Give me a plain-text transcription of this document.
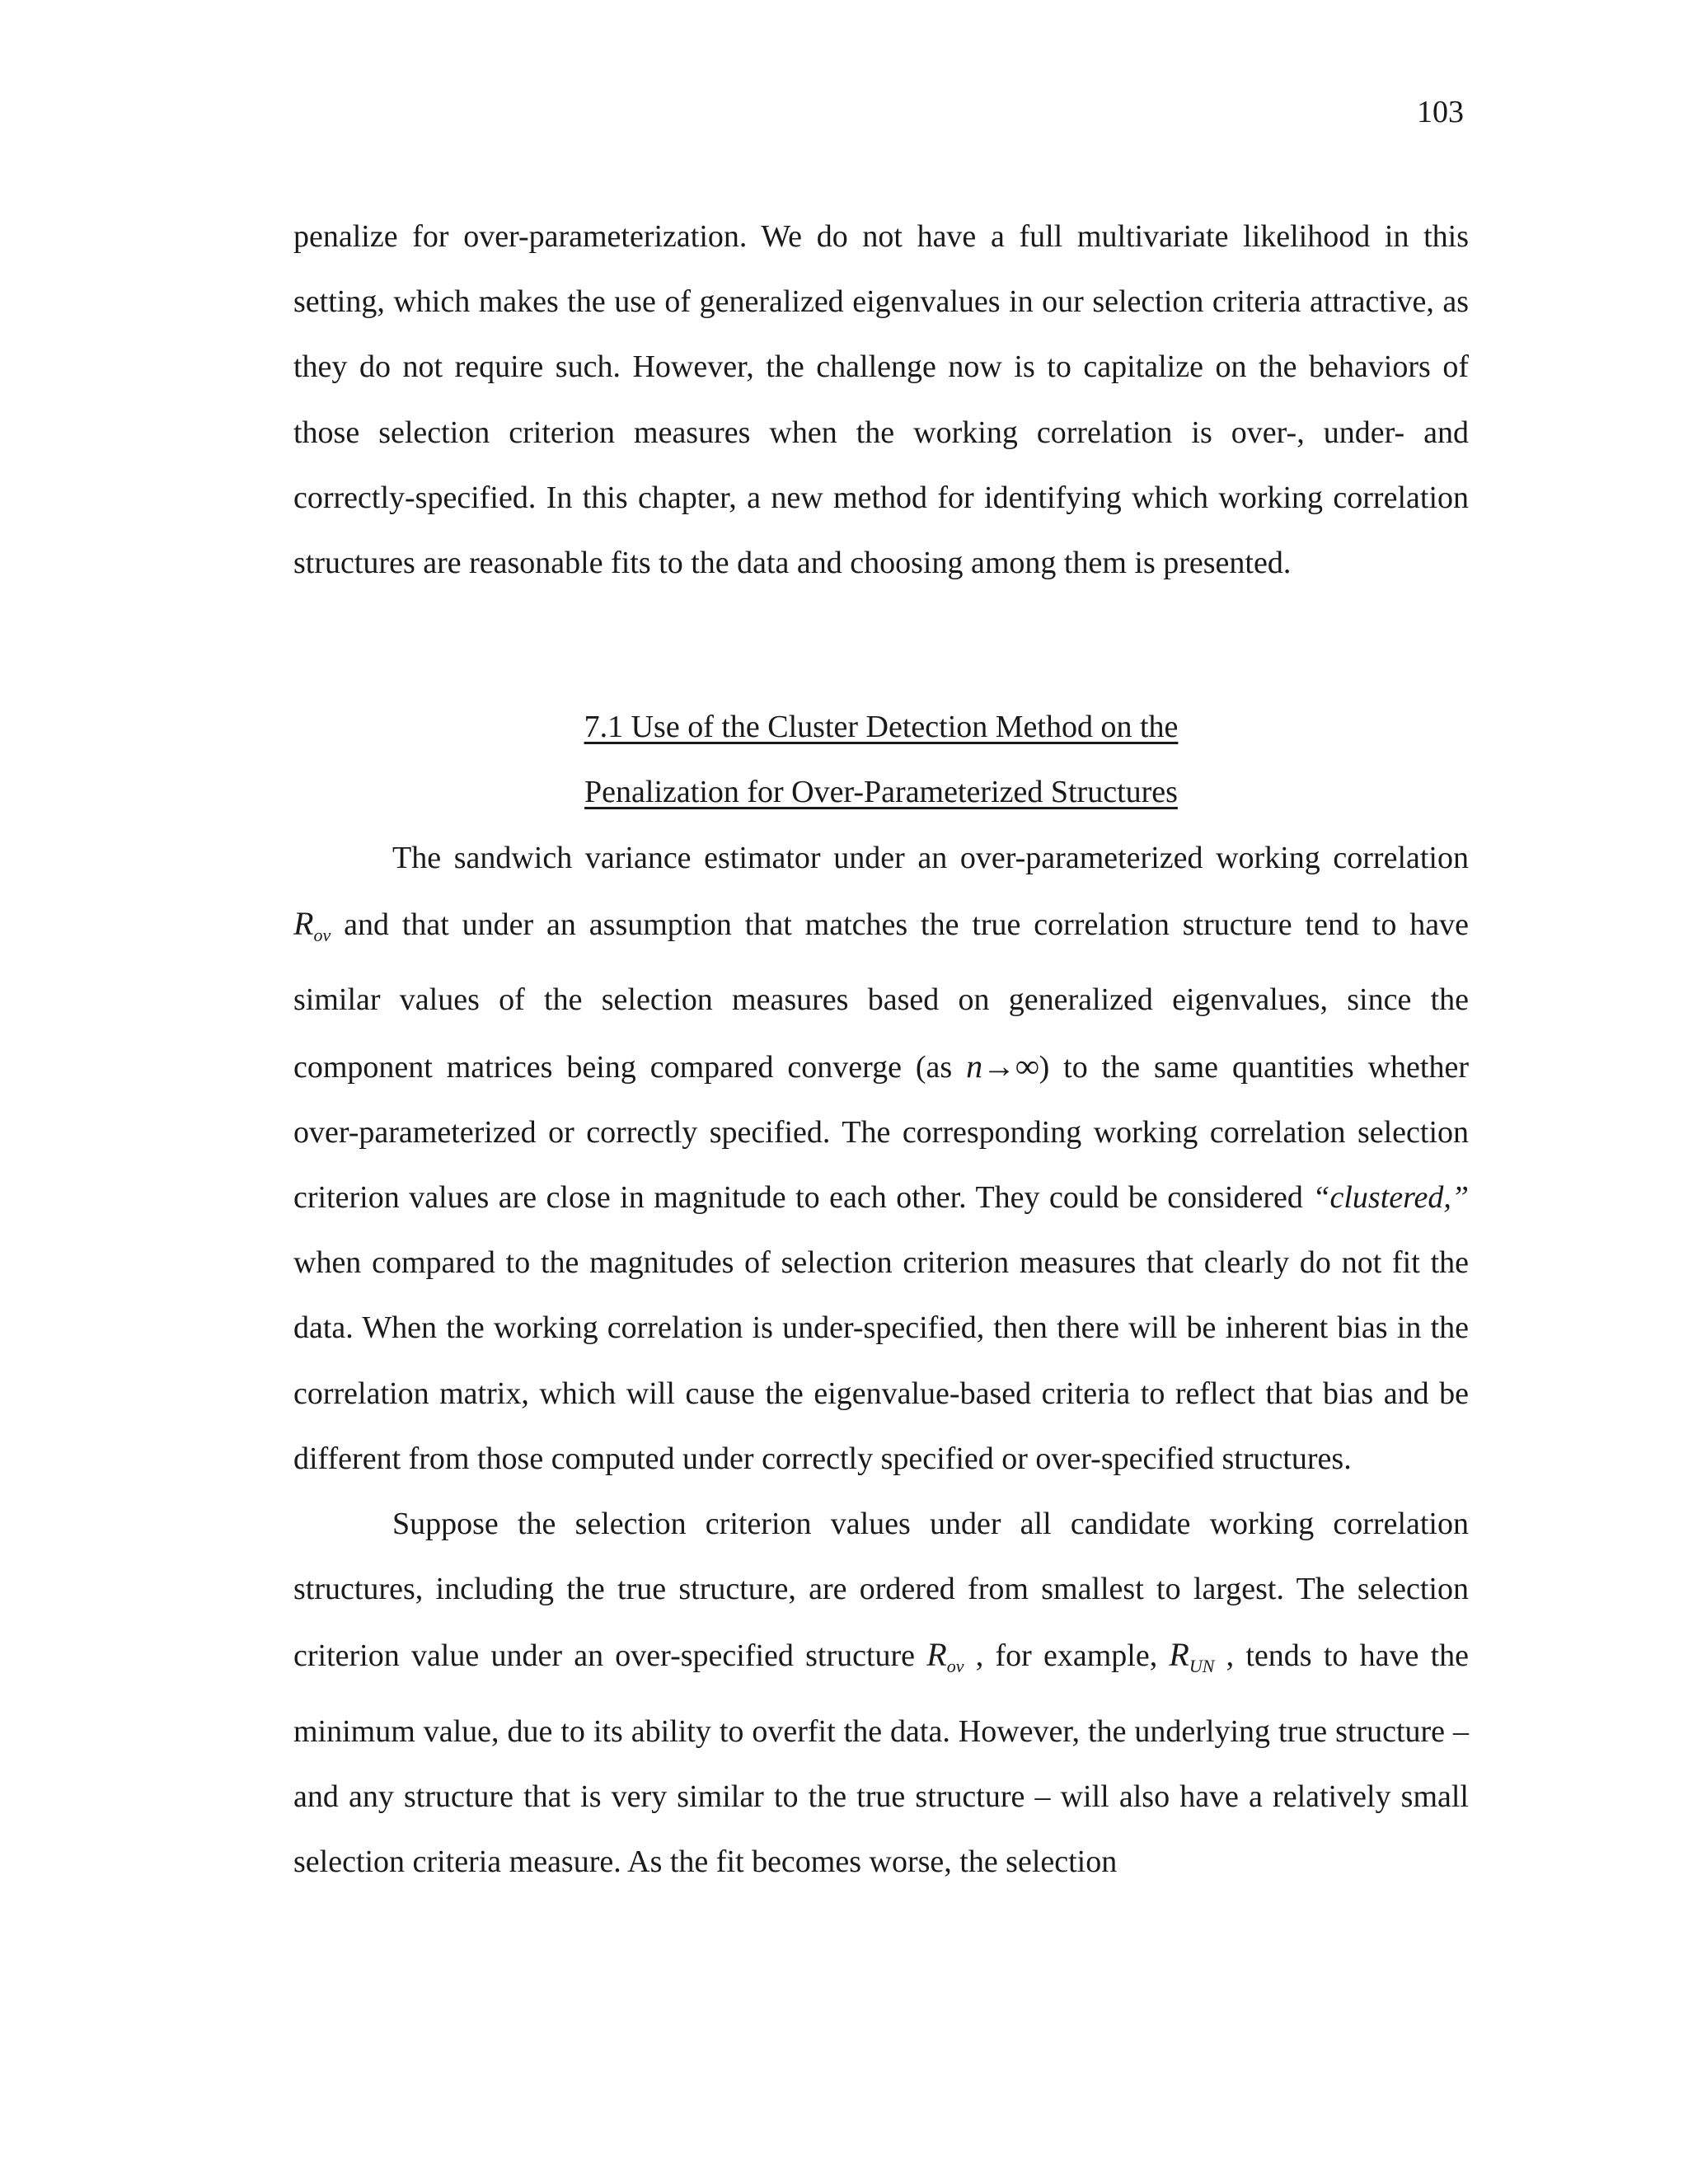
103

penalize for over-parameterization. We do not have a full multivariate likelihood in this setting, which makes the use of generalized eigenvalues in our selection criteria attractive, as they do not require such. However, the challenge now is to capitalize on the behaviors of those selection criterion measures when the working correlation is over-, under- and correctly-specified. In this chapter, a new method for identifying which working correlation structures are reasonable fits to the data and choosing among them is presented.

7.1 Use of the Cluster Detection Method on the
Penalization for Over-Parameterized Structures

The sandwich variance estimator under an over-parameterized working correlation $R_{ov}$ and that under an assumption that matches the true correlation structure tend to have similar values of the selection measures based on generalized eigenvalues, since the component matrices being compared converge (as n→∞) to the same quantities whether over-parameterized or correctly specified. The corresponding working correlation selection criterion values are close in magnitude to each other. They could be considered “clustered,” when compared to the magnitudes of selection criterion measures that clearly do not fit the data. When the working correlation is under-specified, then there will be inherent bias in the correlation matrix, which will cause the eigenvalue-based criteria to reflect that bias and be different from those computed under correctly specified or over-specified structures.

Suppose the selection criterion values under all candidate working correlation structures, including the true structure, are ordered from smallest to largest. The selection criterion value under an over-specified structure $R_{ov}$ , for example, $R_{UN}$ , tends to have the minimum value, due to its ability to overfit the data. However, the underlying true structure – and any structure that is very similar to the true structure – will also have a relatively small selection criteria measure. As the fit becomes worse, the selection
